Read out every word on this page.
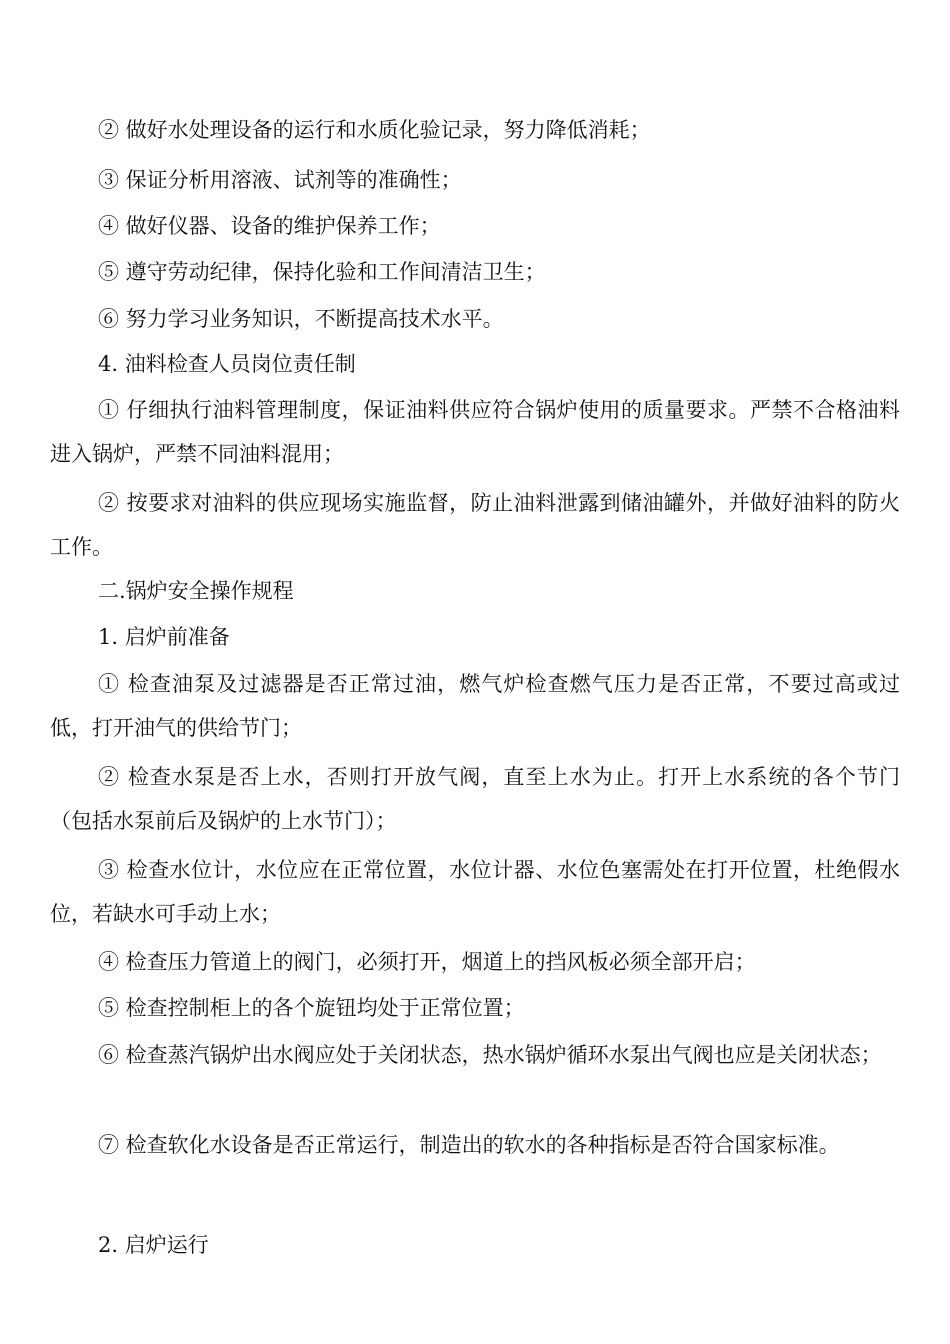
② 做好水处理设备的运行和水质化验记录，努力降低消耗；

③ 保证分析用溶液、试剂等的准确性；

④ 做好仪器、设备的维护保养工作；

⑤ 遵守劳动纪律，保持化验和工作间清洁卫生；

⑥ 努力学习业务知识，不断提高技术水平。

4. 油料检查人员岗位责任制

① 仔细执行油料管理制度，保证油料供应符合锅炉使用的质量要求。严禁不合格油料进入锅炉，严禁不同油料混用；

② 按要求对油料的供应现场实施监督，防止油料泄露到储油罐外，并做好油料的防火工作。

二.锅炉安全操作规程

1. 启炉前准备

① 检查油泵及过滤器是否正常过油，燃气炉检查燃气压力是否正常，不要过高或过低，打开油气的供给节门；

② 检查水泵是否上水，否则打开放气阀，直至上水为止。打开上水系统的各个节门（包括水泵前后及锅炉的上水节门）；

③ 检查水位计，水位应在正常位置，水位计器、水位色塞需处在打开位置，杜绝假水位，若缺水可手动上水；

④ 检查压力管道上的阀门，必须打开，烟道上的挡风板必须全部开启；

⑤ 检查控制柜上的各个旋钮均处于正常位置；

⑥ 检查蒸汽锅炉出水阀应处于关闭状态，热水锅炉循环水泵出气阀也应是关闭状态；

⑦ 检查软化水设备是否正常运行，制造出的软水的各种指标是否符合国家标准。

2. 启炉运行
